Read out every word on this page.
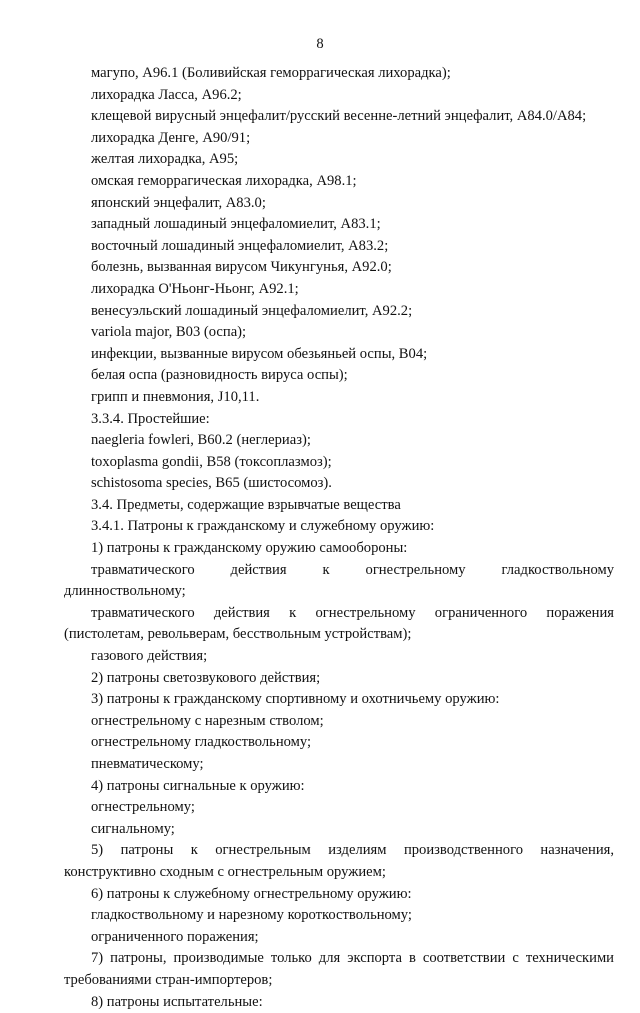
8
магупо, A96.1 (Боливийская геморрагическая лихорадка);
лихорадка Ласса, А96.2;
клещевой вирусный энцефалит/русский весенне-летний энцефалит, А84.0/А84;
лихорадка Денге, А90/91;
желтая лихорадка, А95;
омская геморрагическая лихорадка, А98.1;
японский энцефалит, А83.0;
западный лошадиный энцефаломиелит, А83.1;
восточный лошадиный энцефаломиелит, А83.2;
болезнь, вызванная вирусом Чикунгунья, А92.0;
лихорадка О'Ньонг-Ньонг, А92.1;
венесуэльский лошадиный энцефаломиелит, А92.2;
variola major, В03 (оспа);
инфекции, вызванные вирусом обезьяньей оспы, В04;
белая оспа (разновидность вируса оспы);
грипп и пневмония, J10,11.
3.3.4. Простейшие:
naegleria fowleri, В60.2 (неглериаз);
toxoplasma gondii, В58 (токсоплазмоз);
schistosoma species, В65 (шистосомоз).
3.4. Предметы, содержащие взрывчатые вещества
3.4.1. Патроны к гражданскому и служебному оружию:
1) патроны к гражданскому оружию самообороны:
травматического действия к огнестрельному гладкоствольному
длинноствольному;
травматического действия к огнестрельному ограниченного поражения
(пистолетам, револьверам, бесствольным устройствам);
газового действия;
2) патроны светозвукового действия;
3) патроны к гражданскому спортивному и охотничьему оружию:
огнестрельному с нарезным стволом;
огнестрельному гладкоствольному;
пневматическому;
4) патроны сигнальные к оружию:
огнестрельному;
сигнальному;
5) патроны к огнестрельным изделиям производственного назначения,
конструктивно сходным с огнестрельным оружием;
6) патроны к служебному огнестрельному оружию:
гладкоствольному и нарезному короткоствольному;
ограниченного поражения;
7) патроны, производимые только для экспорта в соответствии с техническими
требованиями стран-импортеров;
8) патроны испытательные:
